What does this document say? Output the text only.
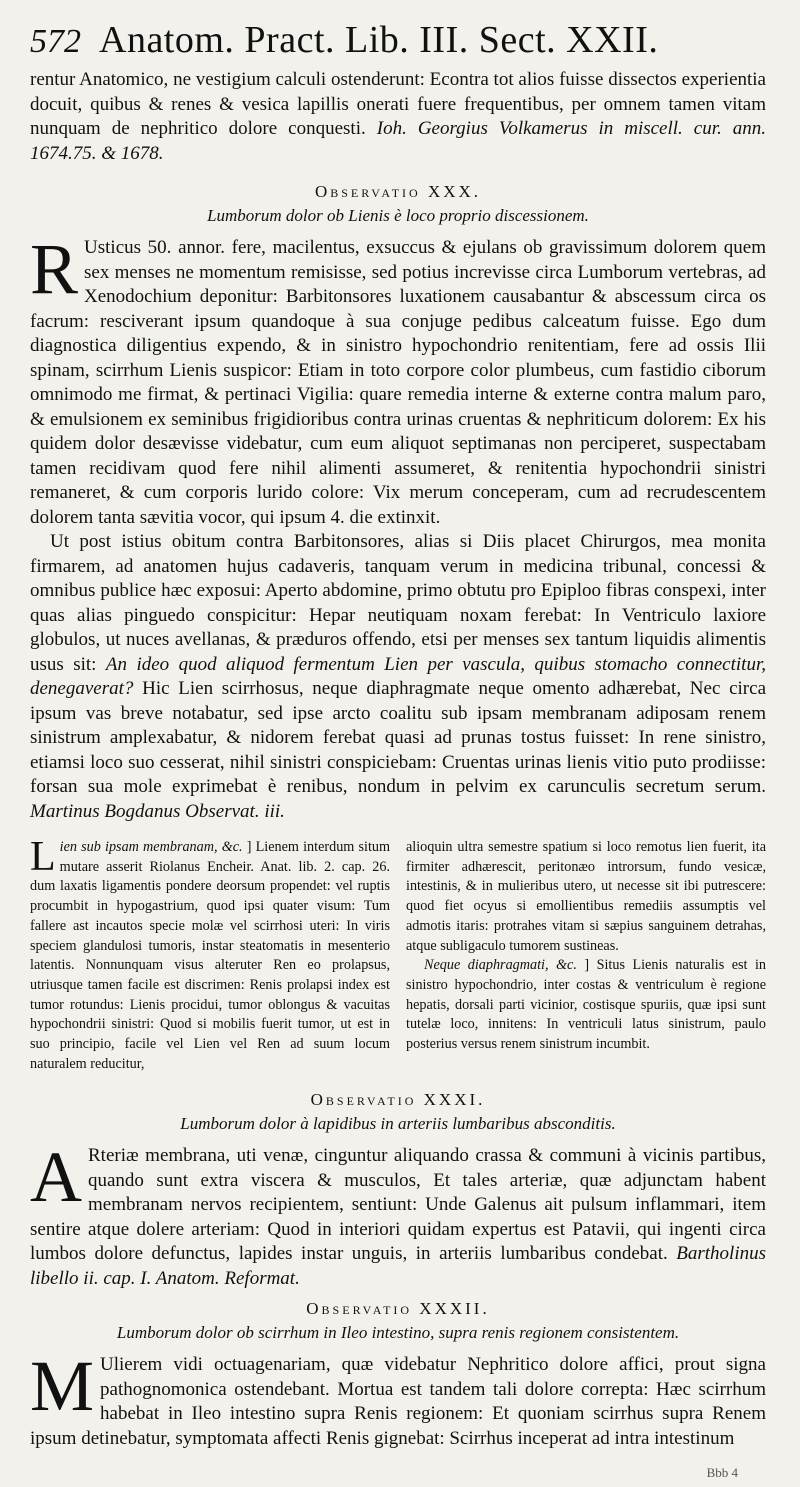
572 Anatom. Pract. Lib. III. Sect. XXII.

rentur Anatomico, ne vestigium calculi ostenderunt: Econtra tot alios fuisse dissectos experientia docuit, quibus & renes & vesica lapillis onerati fuere frequentibus, per omnem tamen vitam nunquam de nephritico dolore conquesti. Ioh. Georgius Volkamerus in miscell. cur. ann. 1674.75. & 1678.

Observatio XXX.
Lumborum dolor ob Lienis è loco proprio discessionem.

R Usticus 50. annor. fere, macilentus, exsuccus & ejulans ob gravissimum dolorem quem sex menses ne momentum remisisse, sed potius increvisse circa Lumborum vertebras, ad Xenodochium deponitur: Barbitonsores luxationem causabantur & abscessum circa os facrum: resciverant ipsum quandoque à sua conjuge pedibus calceatum fuisse. Ego dum diagnostica diligentius expendo, & in sinistro hypochondrio renitentiam, fere ad ossis Ilii spinam, scirrhum Lienis suspicor: Etiam in toto corpore color plumbeus, cum fastidio ciborum omnimodo me firmat, & pertinaci Vigilia: quare remedia interne & externe contra malum paro, & emulsionem ex seminibus frigidioribus contra urinas cruentas & nephriticum dolorem: Ex his quidem dolor desævisse videbatur, cum eum aliquot septimanas non perciperet, suspectabam tamen recidivam quod fere nihil alimenti assumeret, & renitentia hypochondrii sinistri remaneret, & cum corporis lurido colore: Vix merum conceperam, cum ad recrudescentem dolorem tanta sævitia vocor, qui ipsum 4. die extinxit.

Ut post istius obitum contra Barbitonsores, alias si Diis placet Chirurgos, mea monita firmarem, ad anatomen hujus cadaveris, tanquam verum in medicina tribunal, concessi & omnibus publice hæc exposui: Aperto abdomine, primo obtutu pro Epiploo fibras conspexi, inter quas alias pinguedo conspicitur: Hepar neutiquam noxam ferebat: In Ventriculo laxiore globulos, ut nuces avellanas, & præduros offendo, etsi per menses sex tantum liquidis alimentis usus sit: An ideo quod aliquod fermentum Lien per vascula, quibus stomacho connectitur, denegaverat? Hic Lien scirrhosus, neque diaphragmate neque omento adhærebat, Nec circa ipsum vas breve notabatur, sed ipse arcto coalitu sub ipsam membranam adiposam renem sinistrum amplexabatur, & nidorem ferebat quasi ad prunas tostus fuisset: In rene sinistro, etiamsi loco suo cesserat, nihil sinistri conspiciebam: Cruentas urinas lienis vitio puto prodiisse: forsan sua mole exprimebat è renibus, nondum in pelvim ex carunculis secretum serum. Martinus Bogdanus Observat. iii.

Lien sub ipsam membranam, &c. ] Lienem interdum situm mutare asserit Riolanus Encheir. Anat. lib. 2. cap. 26. dum laxatis ligamentis pondere deorsum propendet: vel ruptis procumbit in hypogastrium, quod ipsi quater visum: Tum fallere ast incautos specie molæ vel scirrhosi uteri: In viris speciem glandulosi tumoris, instar steatomatis in mesenterio latentis. Nonnunquam visus alteruter Ren eo prolapsus, utriusque tamen facile est discrimen: Renis prolapsi index est tumor rotundus: Lienis procidui, tumor oblongus & vacuitas hypochondrii sinistri: Quod si mobilis fuerit tumor, ut est in suo principio, facile vel Lien vel Ren ad suum locum naturalem reducitur,

alioquin ultra semestre spatium si loco remotus lien fuerit, ita firmiter adhærescit, peritonæo introrsum, fundo vesicæ, intestinis, & in mulieribus utero, ut necesse sit ibi putrescere: quod fiet ocyus si emollientibus remediis assumptis vel admotis itaris: protrahes vitam si sæpius sanguinem detrahas, atque subligaculo tumorem sustineas.

Neque diaphragmati, &c. ] Situs Lienis naturalis est in sinistro hypochondrio, inter costas & ventriculum è regione hepatis, dorsali parti vicinior, costisque spuriis, quæ ipsi sunt tutelæ loco, innitens: In ventriculi latus sinistrum, paulo posterius versus renem sinistrum incumbit.

Observatio XXXI.
Lumborum dolor à lapidibus in arteriis lumbaribus absconditis.

A Rteriæ membrana, uti venæ, cinguntur aliquando crassa & communi à vicinis partibus, quando sunt extra viscera & musculos, Et tales arteriæ, quæ adjunctam habent membranam nervos recipientem, sentiunt: Unde Galenus ait pulsum inflammari, item sentire atque dolere arteriam: Quod in interiori quidam expertus est Patavii, qui ingenti circa lumbos dolore defunctus, lapides instar unguis, in arteriis lumbaribus condebat. Bartholinus libello ii. cap. I. Anatom. Reformat.

Observatio XXXII.
Lumborum dolor ob scirrhum in Ileo intestino, supra renis regionem consistentem.

M Ulierem vidi octuagenariam, quæ videbatur Nephritico dolore affici, prout signa pathognomonica ostendebant. Mortua est tandem tali dolore correpta: Hæc scirrhum habebat in Ileo intestino supra Renis regionem: Et quoniam scirrhus supra Renem ipsum detinebatur, symptomata affecti Renis gignebat: Scirrhus inceperat ad intra intestinum

Bbb 4
